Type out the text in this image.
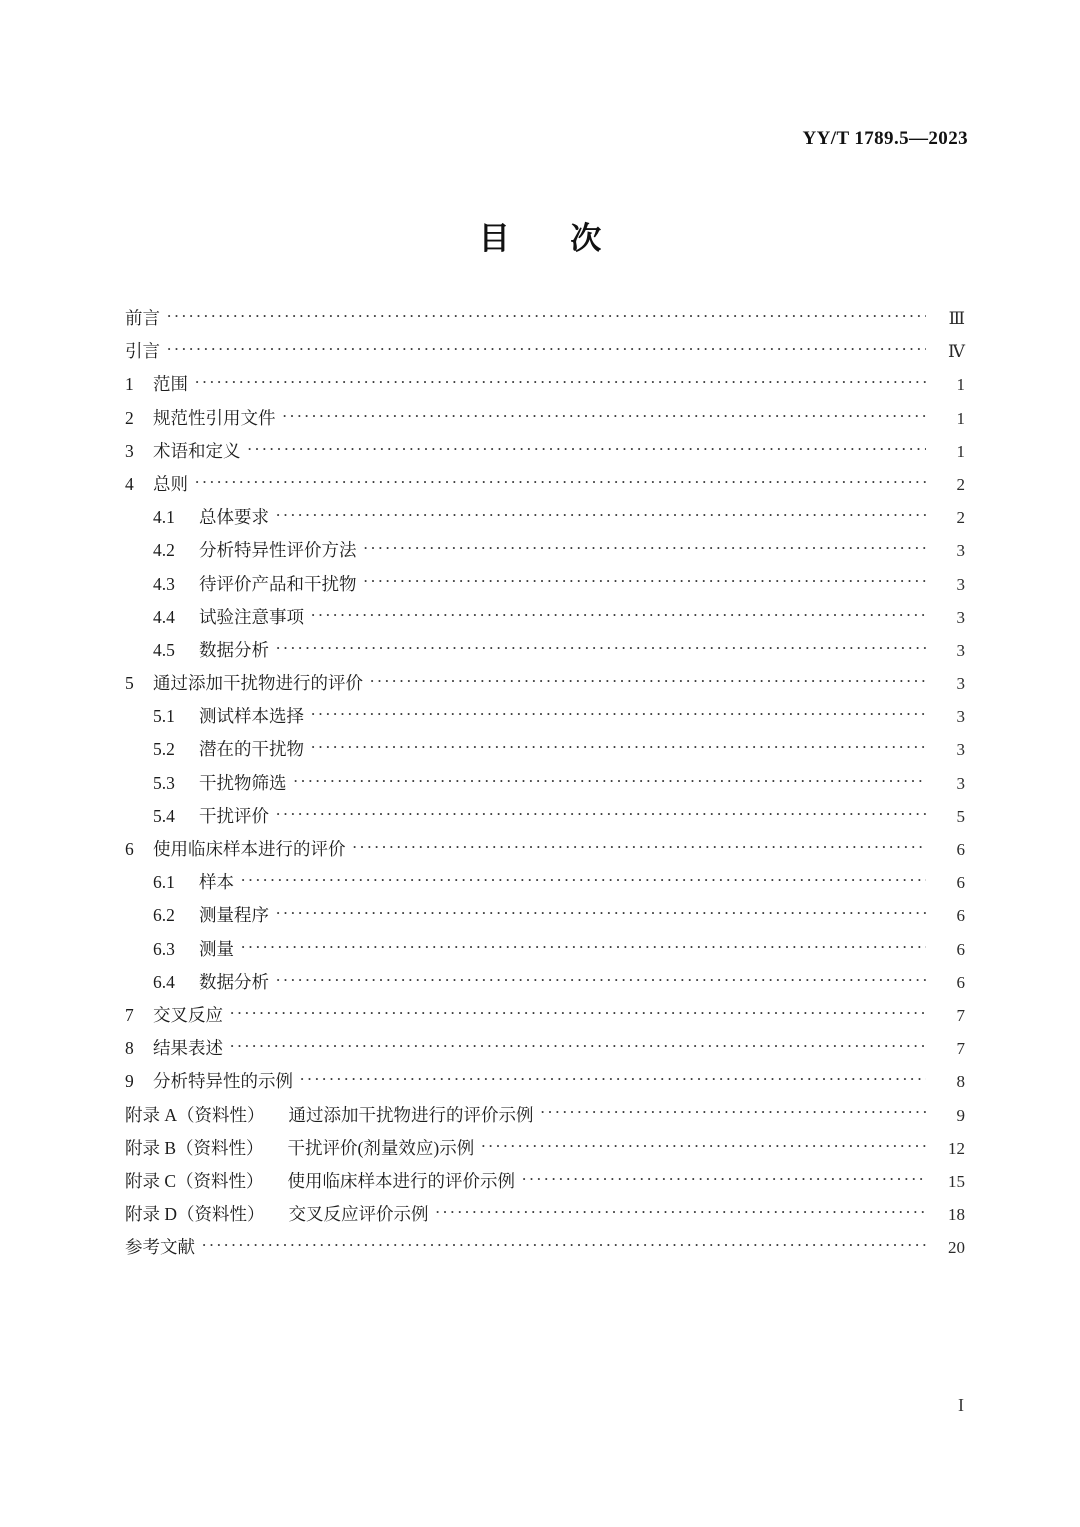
YY/T 1789.5—2023
目 次
前言 .....	Ⅲ
引言 .....	Ⅳ
1 范围 .....	1
2 规范性引用文件 .....	1
3 术语和定义 .....	1
4 总则 .....	2
4.1	总体要求 .....	2
4.2	分析特异性评价方法 .....	3
4.3	待评价产品和干扰物 .....	3
4.4	试验注意事项 .....	3
4.5	数据分析 .....	3
5 通过添加干扰物进行的评价 .....	3
5.1	测试样本选择 .....	3
5.2	潜在的干扰物 .....	3
5.3	干扰物筛选 .....	3
5.4	干扰评价 .....	5
6 使用临床样本进行的评价 .....	6
6.1	样本 .....	6
6.2	测量程序 .....	6
6.3	测量 .....	6
6.4	数据分析 .....	6
7 交叉反应 .....	7
8 结果表述 .....	7
9 分析特异性的示例 .....	8
附录 A（资料性） 通过添加干扰物进行的评价示例 .....	9
附录 B（资料性） 干扰评价(剂量效应)示例 .....	12
附录 C（资料性） 使用临床样本进行的评价示例 .....	15
附录 D（资料性） 交叉反应评价示例 .....	18
参考文献 .....	20
I
